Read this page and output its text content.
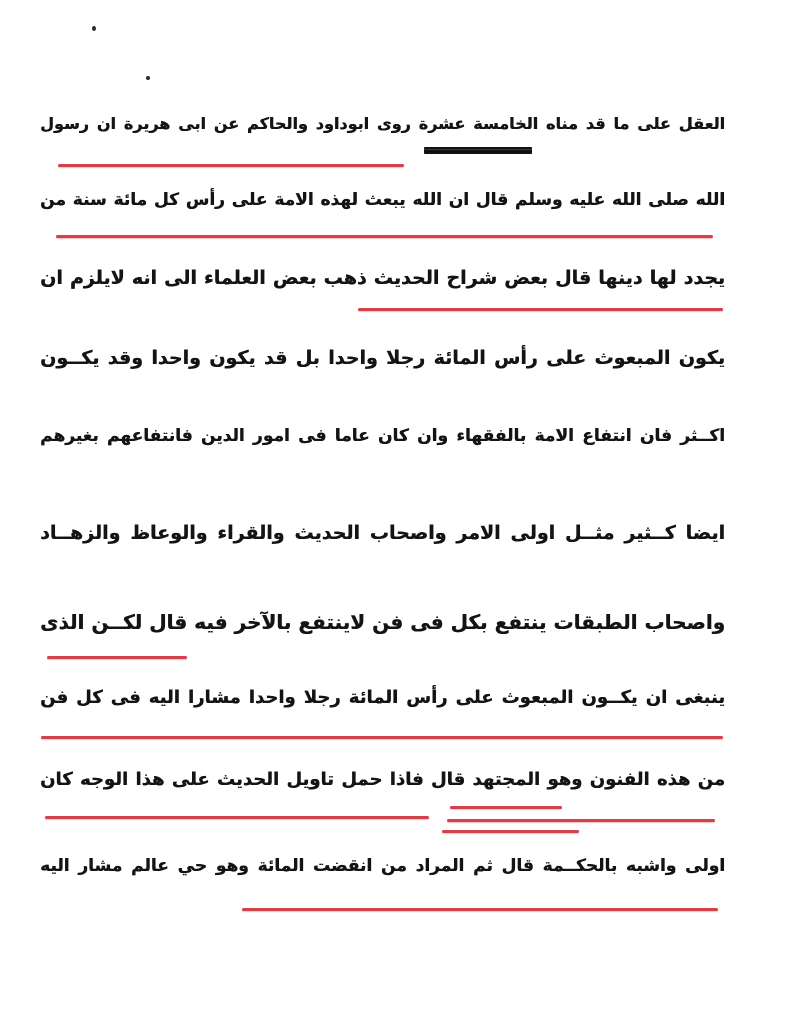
العقل على ما قد مناه الخامسة عشرة روى ابوداود والحاكم عن ابى هريرة ان رسول
الله صلى الله عليه وسلم قال ان الله يبعث لهذه الامة على رأس كل مائة سنة من
يجدد لها دينها قال بعض شراح الحديث ذهب بعض العلماء الى انه لايلزم ان
يكون المبعوث على رأس المائة رجلا واحدا بل قد يكون واحدا وقد يكــون
اكــثر فان انتفاع الامة بالفقهاء وان كان عاما فى امور الدين فانتفاعهم بغيرهم
ايضا كــثير مثــل اولى الامر واصحاب الحديث والقراء والوعاظ والزهــاد
واصحاب الطبقات ينتفع بكل فى فن لاينتفع بالآخر فيه قال لكــن الذى
ينبغى ان يكــون المبعوث على رأس المائة رجلا واحدا مشارا اليه فى كل فن
من هذه الفنون وهو المجتهد قال فاذا حمل تاويل الحديث على هذا الوجه كان
اولى واشبه بالحكــمة قال ثم المراد من انقضت المائة وهو حي عالم مشار اليه
